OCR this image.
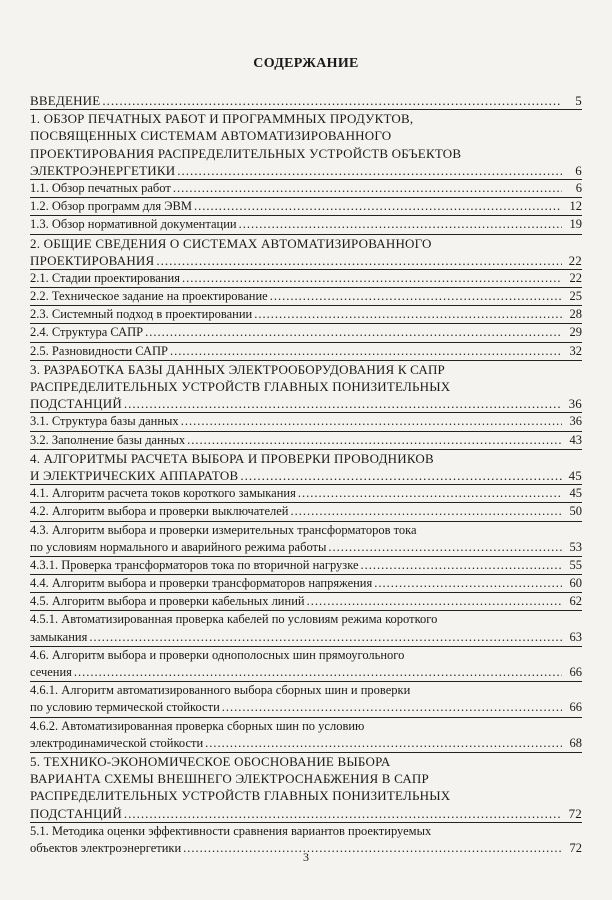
СОДЕРЖАНИЕ
ВВЕДЕНИЕ .....	5
1. ОБЗОР ПЕЧАТНЫХ РАБОТ И ПРОГРАММНЫХ ПРОДУКТОВ,
ПОСВЯЩЕННЫХ СИСТЕМАМ АВТОМАТИЗИРОВАННОГО
ПРОЕКТИРОВАНИЯ РАСПРЕДЕЛИТЕЛЬНЫХ УСТРОЙСТВ ОБЪЕКТОВ
ЭЛЕКТРОЭНЕРГЕТИКИ .....	6
1.1. Обзор печатных работ .....	6
1.2. Обзор программ для ЭВМ .....	12
1.3. Обзор нормативной документации .....	19
2. ОБЩИЕ СВЕДЕНИЯ О СИСТЕМАХ АВТОМАТИЗИРОВАННОГО
ПРОЕКТИРОВАНИЯ .....	22
2.1. Стадии проектирования .....	22
2.2. Техническое задание на проектирование .....	25
2.3. Системный подход в проектировании .....	28
2.4. Структура САПР .....	29
2.5. Разновидности САПР .....	32
3. РАЗРАБОТКА БАЗЫ ДАННЫХ ЭЛЕКТРООБОРУДОВАНИЯ К САПР
РАСПРЕДЕЛИТЕЛЬНЫХ УСТРОЙСТВ ГЛАВНЫХ ПОНИЗИТЕЛЬНЫХ
ПОДСТАНЦИЙ .....	36
3.1. Структура базы данных .....	36
3.2. Заполнение базы данных .....	43
4. АЛГОРИТМЫ РАСЧЕТА ВЫБОРА И ПРОВЕРКИ ПРОВОДНИКОВ
И ЭЛЕКТРИЧЕСКИХ АППАРАТОВ .....	45
4.1. Алгоритм расчета токов короткого замыкания .....	45
4.2. Алгоритм выбора и проверки выключателей .....	50
4.3. Алгоритм выбора и проверки измерительных трансформаторов тока
по условиям нормального и аварийного режима работы .....	53
4.3.1. Проверка трансформаторов тока по вторичной нагрузке .....	55
4.4. Алгоритм выбора и проверки трансформаторов напряжения .....	60
4.5. Алгоритм выбора и проверки кабельных линий .....	62
4.5.1. Автоматизированная проверка кабелей по условиям режима короткого
замыкания .....	63
4.6. Алгоритм выбора и проверки однополосных шин прямоугольного
сечения .....	66
4.6.1. Алгоритм автоматизированного выбора сборных шин и проверки
по условию термической стойкости .....	66
4.6.2. Автоматизированная проверка сборных шин по условию
электродинамической стойкости .....	68
5. ТЕХНИКО-ЭКОНОМИЧЕСКОЕ ОБОСНОВАНИЕ ВЫБОРА
ВАРИАНТА СХЕМЫ ВНЕШНЕГО ЭЛЕКТРОСНАБЖЕНИЯ В САПР
РАСПРЕДЕЛИТЕЛЬНЫХ УСТРОЙСТВ ГЛАВНЫХ ПОНИЗИТЕЛЬНЫХ
ПОДСТАНЦИЙ .....	72
5.1. Методика оценки эффективности сравнения вариантов проектируемых
объектов электроэнергетики .....	72
3
